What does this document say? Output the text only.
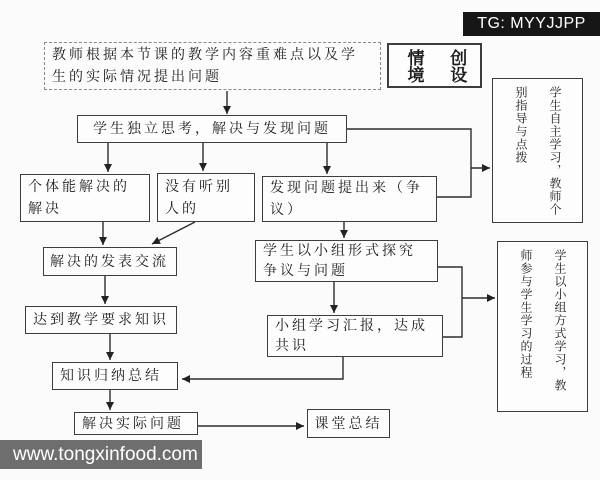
TG: MYYJJPP
教师根据本节课的教学内容重难点以及学
生的实际情况提出问题	情境 创设
学生自主学习，教师个
别指导与点拨
学生独立思考，解决与发现问题
个体能解决的
解决
没有听别
人的
发现问题提出来（争
议）
解决的发表交流
学生以小组形式探究
争议与问题	学生以小组方式学习，教
师参与学生学习的过程
达到教学要求知识	小组学习汇报，达成
共识
知识归纳总结
解决实际问题	课堂总结
www.tongxinfood.com
